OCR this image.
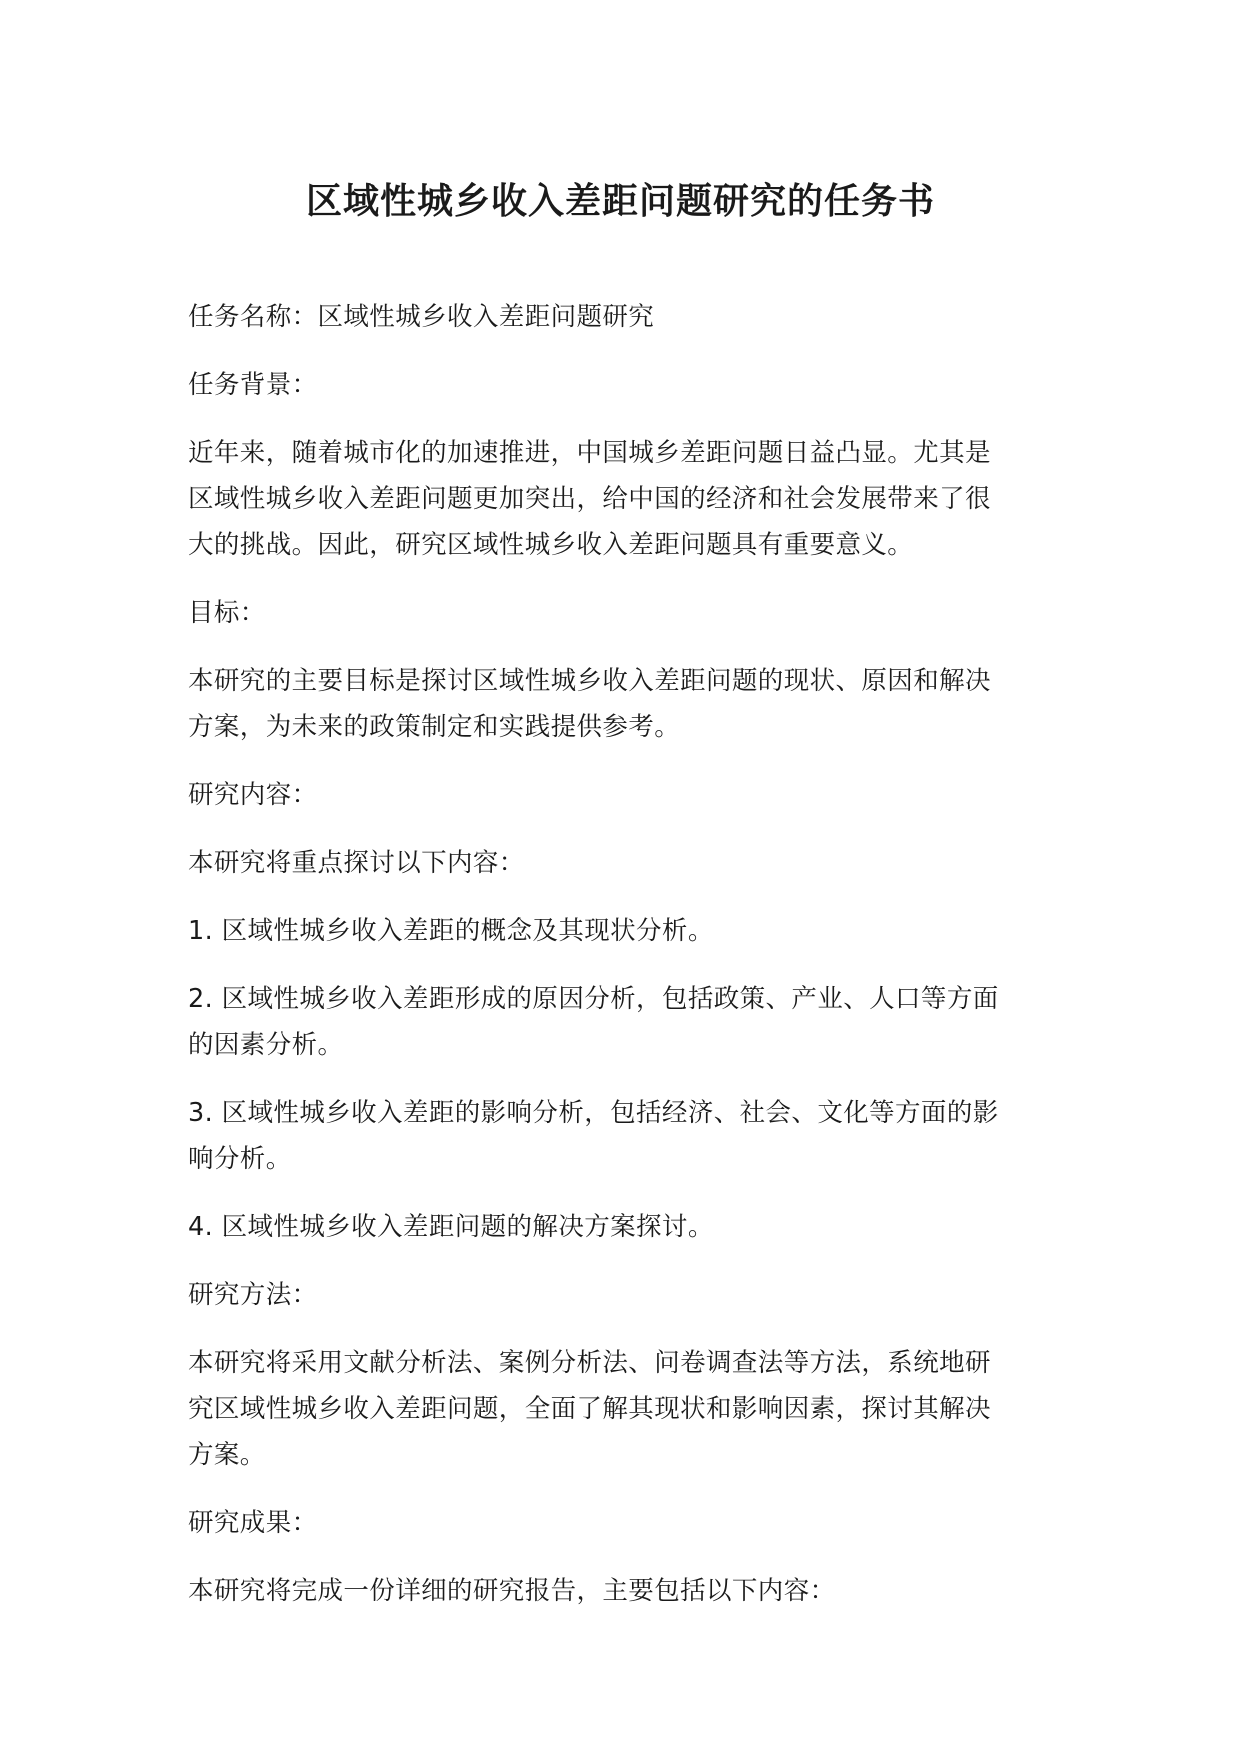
区域性城乡收入差距问题研究的任务书

任务名称：区域性城乡收入差距问题研究

任务背景：

近年来，随着城市化的加速推进，中国城乡差距问题日益凸显。尤其是
区域性城乡收入差距问题更加突出，给中国的经济和社会发展带来了很
大的挑战。因此，研究区域性城乡收入差距问题具有重要意义。

目标：

本研究的主要目标是探讨区域性城乡收入差距问题的现状、原因和解决
方案，为未来的政策制定和实践提供参考。

研究内容：

本研究将重点探讨以下内容：

1. 区域性城乡收入差距的概念及其现状分析。

2. 区域性城乡收入差距形成的原因分析，包括政策、产业、人口等方面
的因素分析。

3. 区域性城乡收入差距的影响分析，包括经济、社会、文化等方面的影
响分析。

4. 区域性城乡收入差距问题的解决方案探讨。

研究方法：

本研究将采用文献分析法、案例分析法、问卷调查法等方法，系统地研
究区域性城乡收入差距问题，全面了解其现状和影响因素，探讨其解决
方案。

研究成果：

本研究将完成一份详细的研究报告，主要包括以下内容：
